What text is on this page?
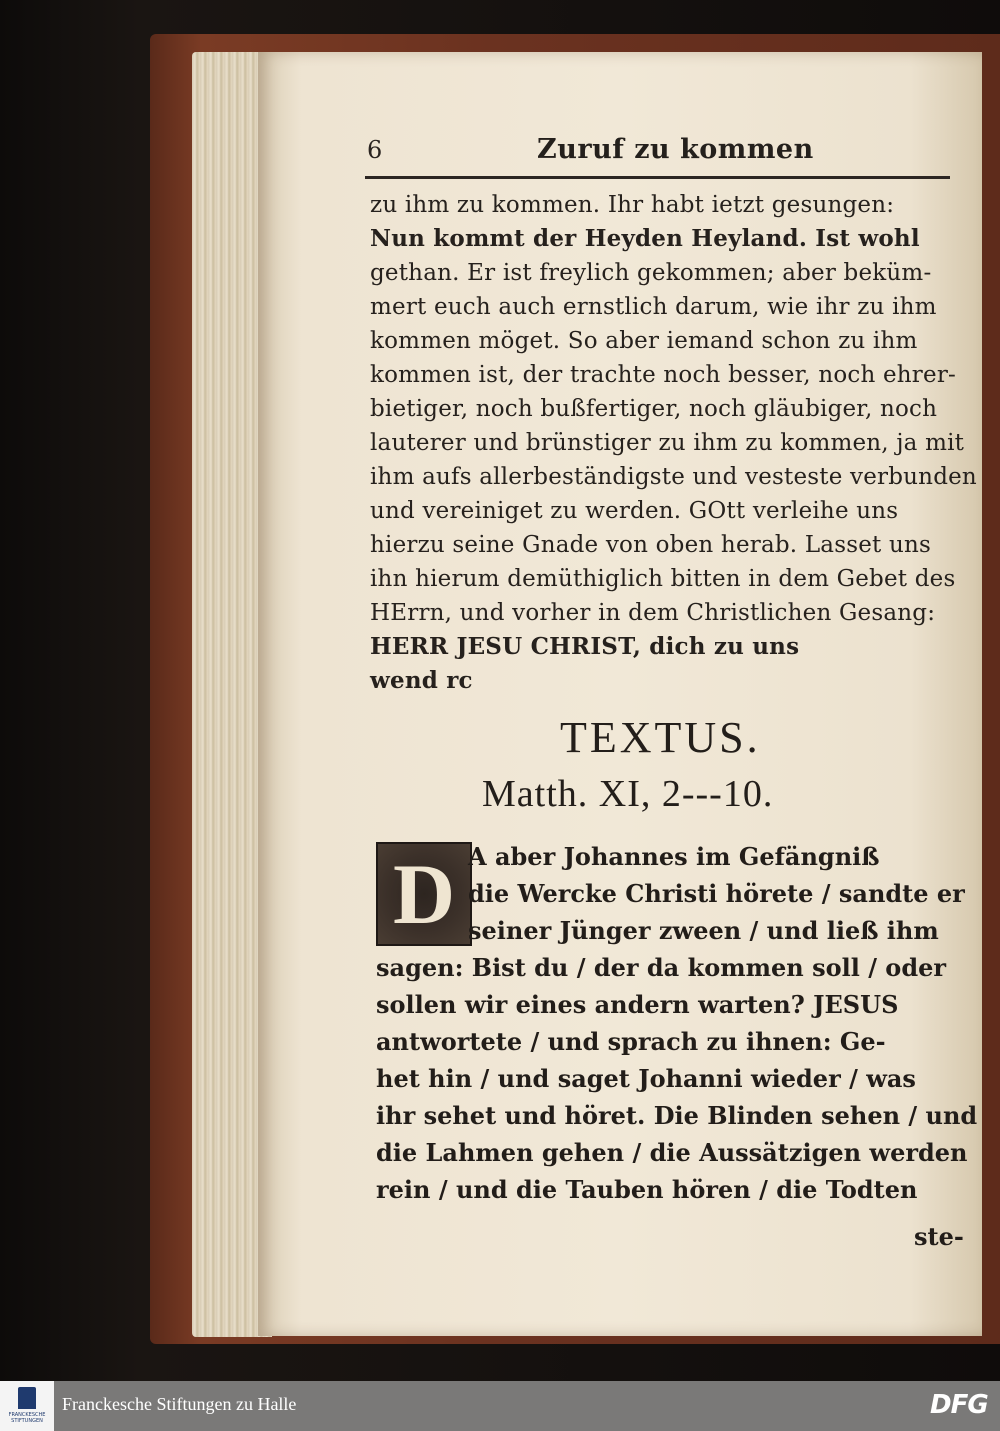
6	Zuruf zu kommen
zu ihm zu kommen. Ihr habt ietzt gesungen:
Nun kommt der Heyden Heyland. Ist wohl
gethan. Er ist freylich gekommen; aber beküm-
mert euch auch ernstlich darum, wie ihr zu ihm
kommen möget. So aber iemand schon zu ihm
kommen ist, der trachte noch besser, noch ehrer-
bietiger, noch bußfertiger, noch gläubiger, noch
lauterer und brünstiger zu ihm zu kommen, ja mit
ihm aufs allerbeständigste und vesteste verbunden
und vereiniget zu werden. GOtt verleihe uns
hierzu seine Gnade von oben herab. Lasset uns
ihn hierum demüthiglich bitten in dem Gebet des
HErrn, und vorher in dem Christlichen Gesang:
HERR JESU CHRIST, dich zu uns
wend rc
TEXTUS.
Matth. XI, 2---10.
D A aber Johannes im Gefängniß
die Wercke Christi hörete / sandte er
seiner Jünger zween / und ließ ihm
sagen: Bist du / der da kommen soll / oder
sollen wir eines andern warten? JESUS
antwortete / und sprach zu ihnen: Ge-
het hin / und saget Johanni wieder / was
ihr sehet und höret. Die Blinden sehen / und
die Lahmen gehen / die Aussätzigen werden
rein / und die Tauben hören / die Todten
ste-
FRANCKESCHE STIFTUNGEN
Franckesche Stiftungen zu Halle	DFG
